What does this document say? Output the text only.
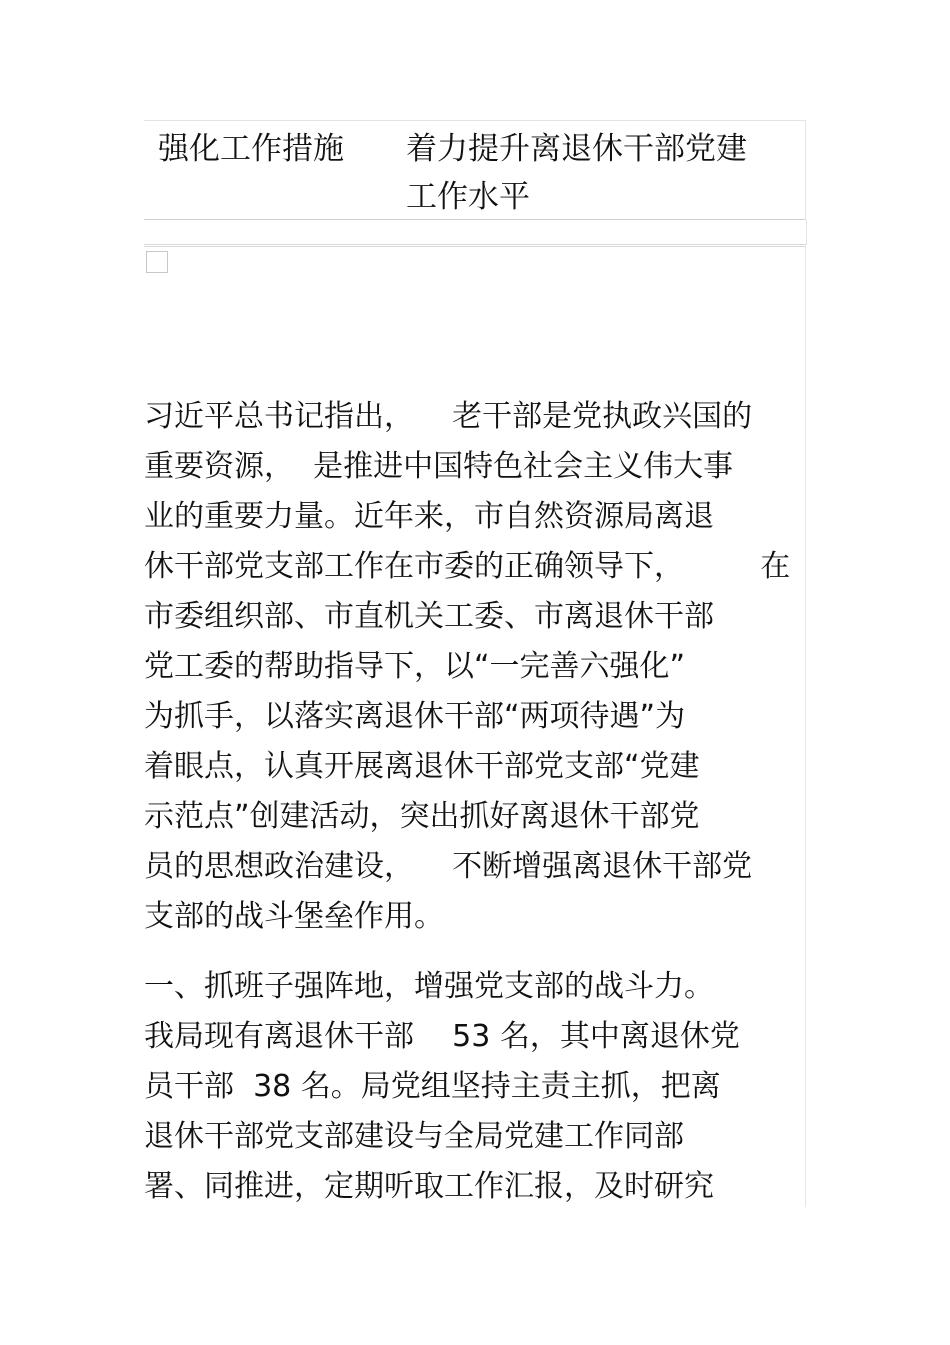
强化工作措施 着力提升离退休干部党建
工作水平
习近平总书记指出，    老干部是党执政兴国的
重要资源，  是推进中国特色社会主义伟大事
业的重要力量。近年来，市自然资源局离退
休干部党支部工作在市委的正确领导下，        在
市委组织部、市直机关工委、市离退休干部
党工委的帮助指导下，以“一完善六强化”
为抓手，以落实离退休干部“两项待遇”为
着眼点，认真开展离退休干部党支部“党建
示范点”创建活动，突出抓好离退休干部党
员的思想政治建设，    不断增强离退休干部党
支部的战斗堡垒作用。
一、抓班子强阵地，增强党支部的战斗力。
我局现有离退休干部    53 名，其中离退休党
员干部  38 名。局党组坚持主责主抓，把离
退休干部党支部建设与全局党建工作同部
署、同推进，定期听取工作汇报，及时研究
